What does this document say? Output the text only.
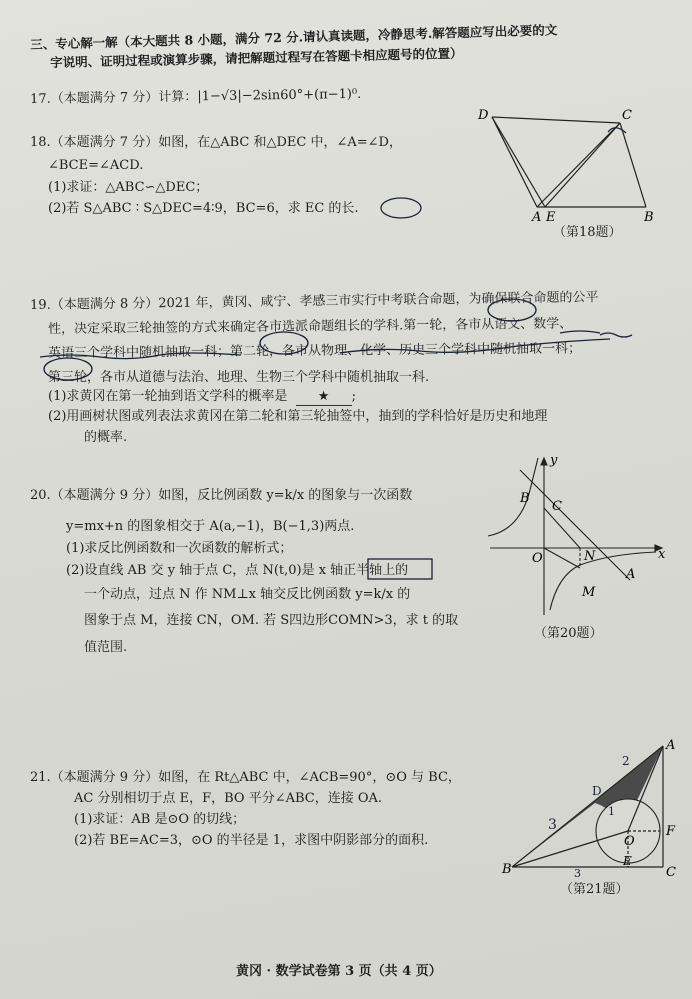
三、专心解一解（本大题共 8 小题，满分 72 分.请认真读题，冷静思考.解答题应写出必要的文
字说明、证明过程或演算步骤，请把解题过程写在答题卡相应题号的位置）
17.（本题满分 7 分）计算：|1−√3|−2sin60°+(π−1)⁰.
18.（本题满分 7 分）如图，在△ABC 和△DEC 中，∠A=∠D，
∠BCE=∠ACD.
(1)求证：△ABC∽△DEC；
(2)若 S△ABC ∶ S△DEC=4∶9，BC=6，求 EC 的长.
D	C
A E	B
（第18题）
19.（本题满分 8 分）2021 年，黄冈、咸宁、孝感三市实行中考联合命题，为确保联合命题的公平
性，决定采取三轮抽签的方式来确定各市选派命题组长的学科.第一轮，各市从语文、数学、
英语三个学科中随机抽取一科；第二轮，各市从物理、化学、历史三个学科中随机抽取一科；
第三轮，各市从道德与法治、地理、生物三个学科中随机抽取一科.
(1)求黄冈在第一轮抽到语文学科的概率是 ★ ;
(2)用画树状图或列表法求黄冈在第二轮和第三轮抽签中，抽到的学科恰好是历史和地理
的概率.
20.（本题满分 9 分）如图，反比例函数 y=k/x 的图象与一次函数
y=mx+n 的图象相交于 A(a,−1)，B(−1,3)两点.
(1)求反比例函数和一次函数的解析式；
(2)设直线 AB 交 y 轴于点 C，点 N(t,0)是 x 轴正半轴上的
一个动点，过点 N 作 NM⊥x 轴交反比例函数 y=k/x 的
图象于点 M，连接 CN，OM. 若 S四边形COMN>3，求 t 的取
值范围.
y
x
B
C
O	N
A
M
（第20题）
21.（本题满分 9 分）如图，在 Rt△ABC 中，∠ACB=90°，⊙O 与 BC，
AC 分别相切于点 E，F，BO 平分∠ABC，连接 OA.
(1)求证：AB 是⊙O 的切线；
(2)若 BE=AC=3，⊙O 的半径是 1，求图中阴影部分的面积.
A
B	C
O
E
F
D
2
3
3
1
（第21题）
黄冈 · 数学试卷第 3 页（共 4 页）
